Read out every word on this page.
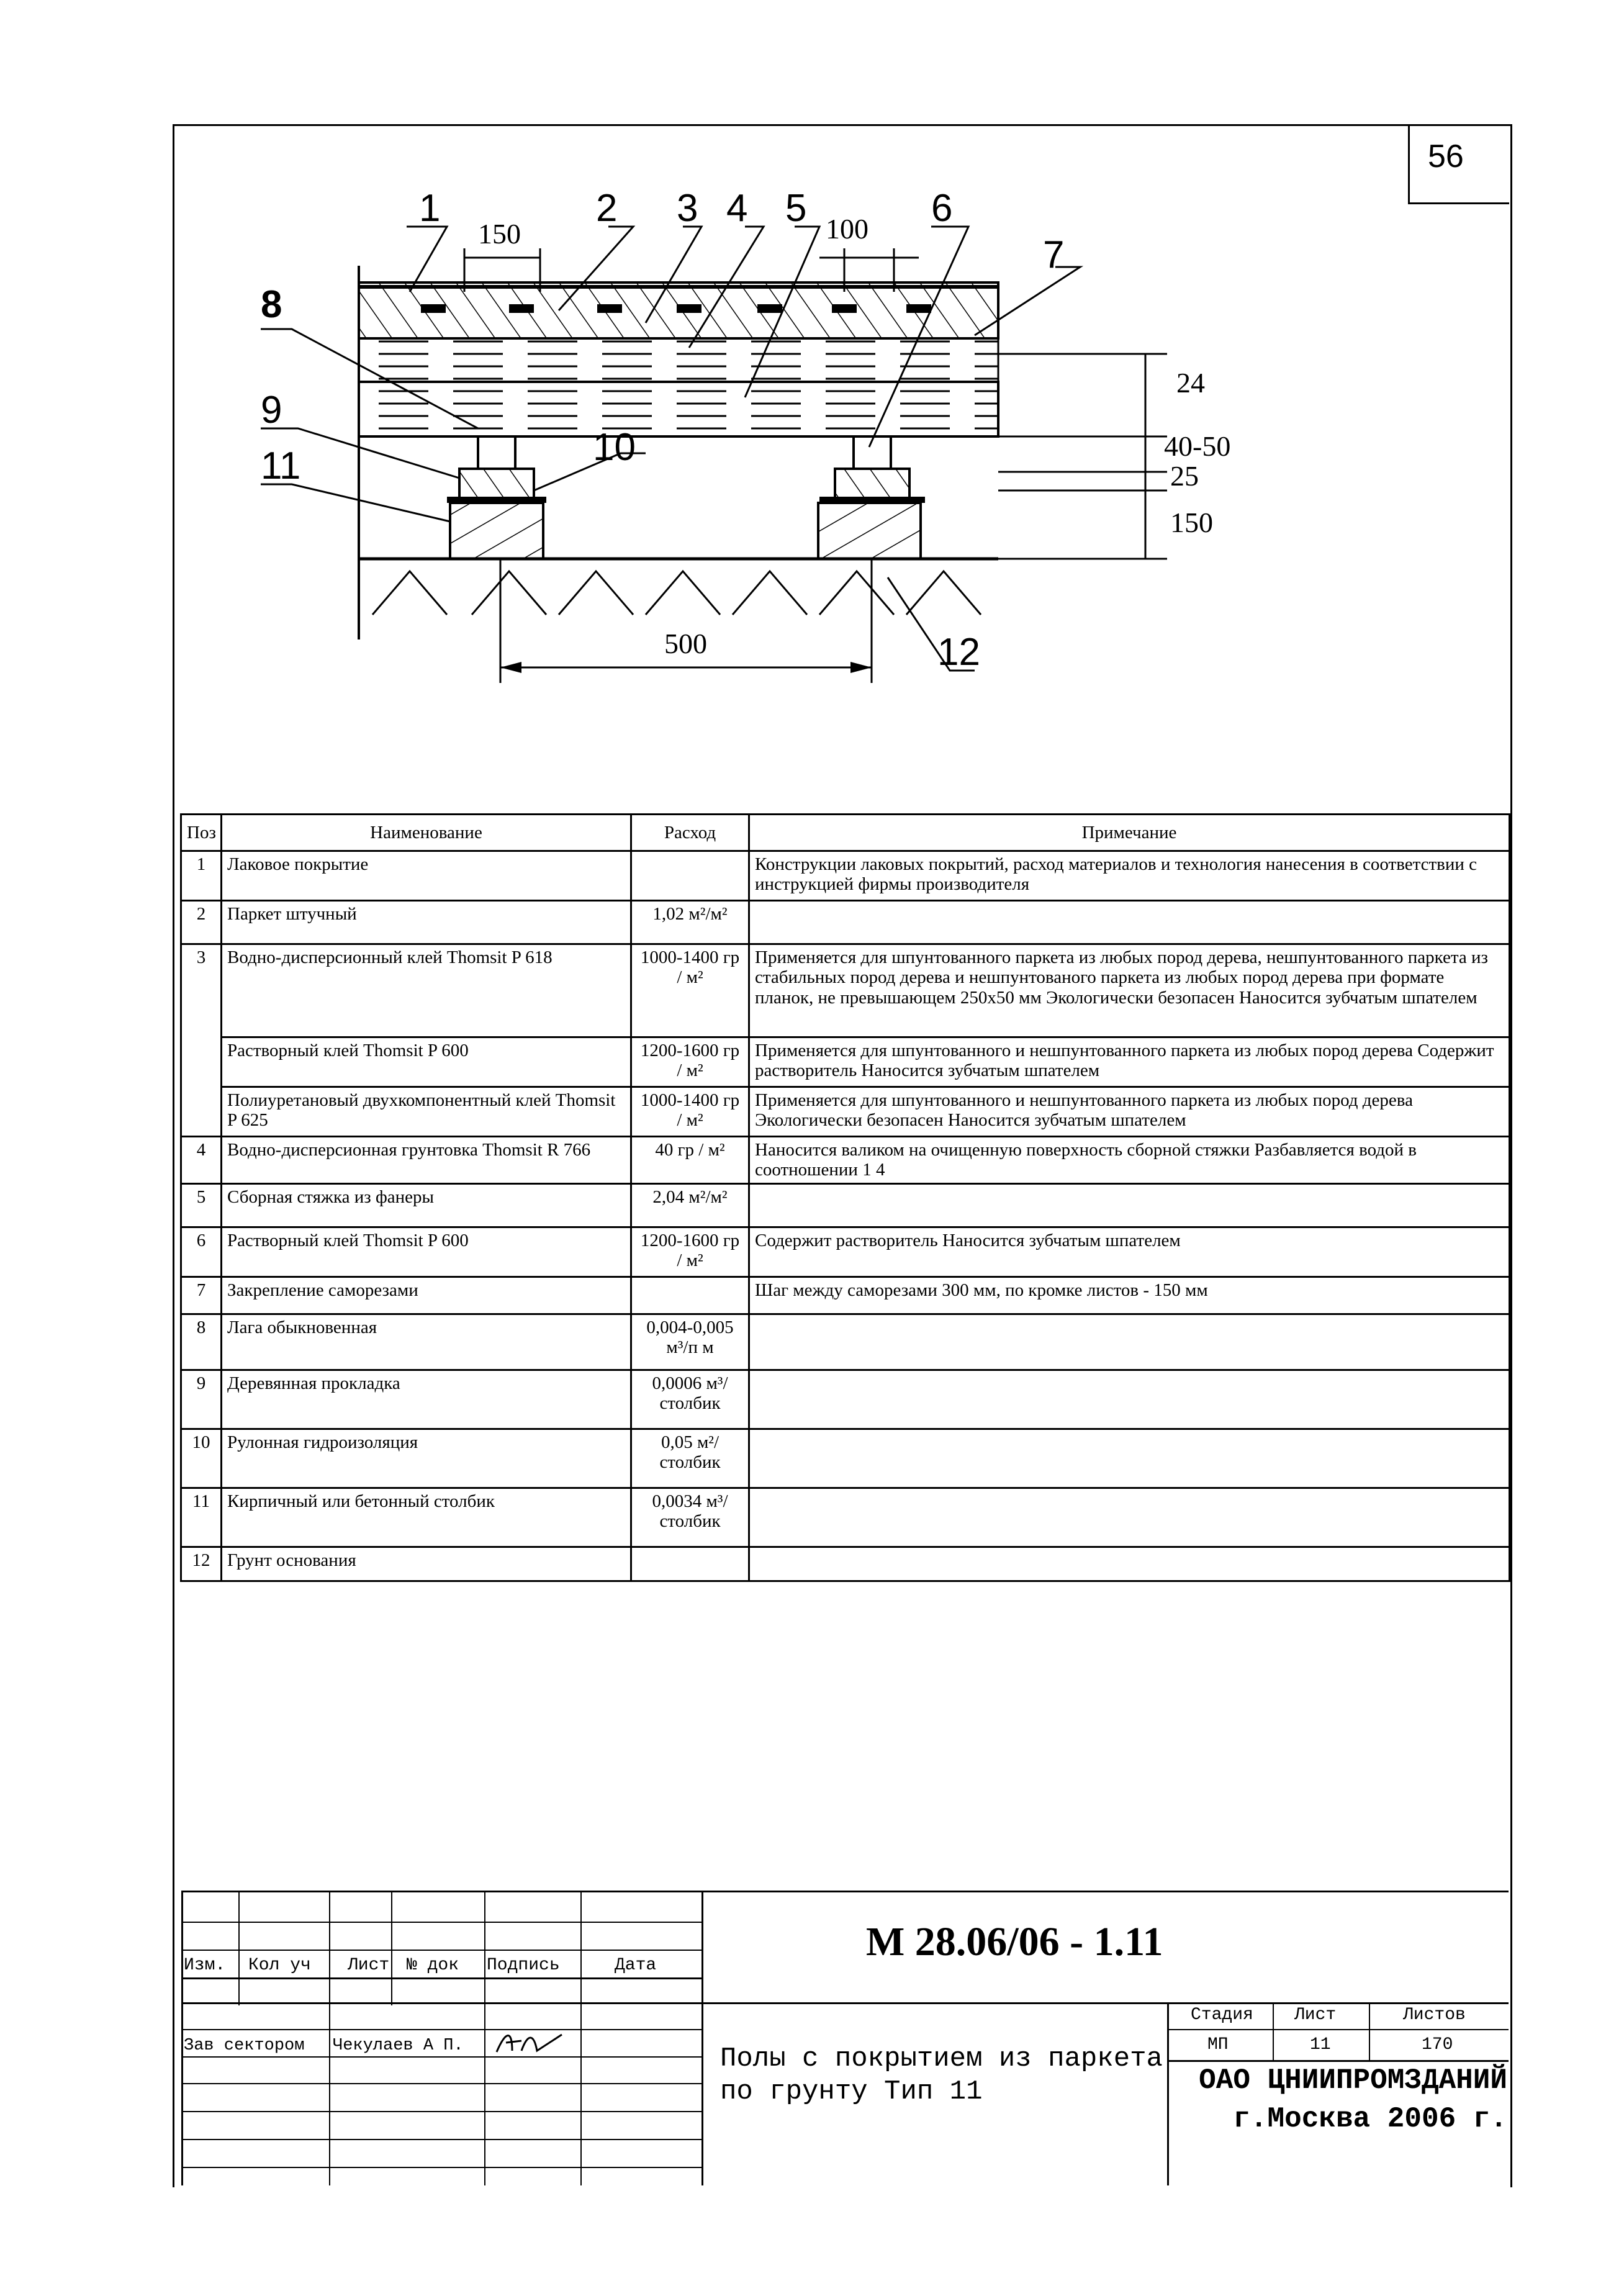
56
1	2 3 4 5	6
7
8
9
10
11
12
150	100
500
24
40-50
25
150
Поз	Наименование	Расход	Примечание
1	Лаковое покрытие		Конструкции лаковых покрытий, расход материалов и технология нанесения в соответствии с инструкцией фирмы производителя
2	Паркет штучный	1,02 м²/м²	
3	Водно-дисперсионный клей Thomsit P 618	1000-1400 гр / м²	Применяется для шпунтованного паркета из любых пород дерева, нешпунтованного паркета из стабильных пород дерева и нешпунтованого паркета из любых пород дерева при формате планок, не превышающем 250х50 мм Экологически безопасен Наносится зубчатым шпателем
	Растворный клей Thomsit P 600	1200-1600 гр / м²	Применяется для шпунтованного и нешпунтованного паркета из любых пород дерева Содержит растворитель Наносится зубчатым шпателем
	Полиуретановый двухкомпонентный клей Thomsit P 625	1000-1400 гр / м²	Применяется для шпунтованного и нешпунтованного паркета из любых пород дерева Экологически безопасен Наносится зубчатым шпателем
4	Водно-дисперсионная грунтовка Thomsit R 766	40 гр / м²	Наносится валиком на очищенную поверхность сборной стяжки Разбавляется водой в соотношении 1 4
5	Сборная стяжка из фанеры	2,04 м²/м²	
6	Растворный клей Thomsit P 600	1200-1600 гр / м²	Содержит растворитель Наносится зубчатым шпателем
7	Закрепление саморезами		Шаг между саморезами 300 мм, по кромке листов - 150 мм
8	Лага обыкновенная	0,004-0,005 м³/п м	
9	Деревянная прокладка	0,0006 м³/ столбик	
10	Рулонная гидроизоляция	0,05 м²/ столбик	
11	Кирпичный или бетонный столбик	0,0034 м³/ столбик	
12	Грунт основания		
Изм. Кол уч Лист № док Подпись	Дата
Зав сектором Чекулаев А П.
М 28.06/06 - 1.11
Полы с покрытием из паркета по грунту Тип 11
Стадия Лист	Листов
МП	11	170
ОАО ЦНИИПРОМЗДАНИЙ
г.Москва 2006 г.
